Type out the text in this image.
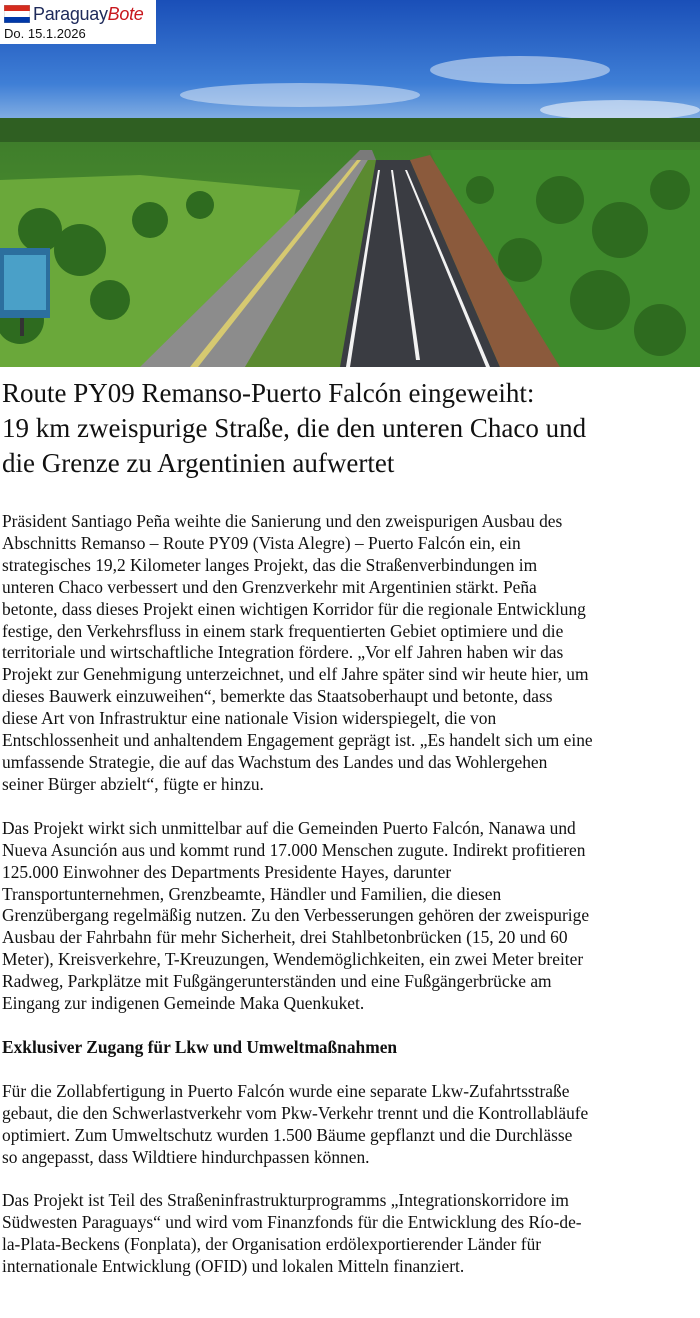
ParaguayBote
Do. 15.1.2026
Route PY09 Remanso-Puerto Falcón eingeweiht:
19 km zweispurige Straße, die den unteren Chaco und
die Grenze zu Argentinien aufwertet

Präsident Santiago Peña weihte die Sanierung und den zweispurigen Ausbau des
Abschnitts Remanso – Route PY09 (Vista Alegre) – Puerto Falcón ein, ein
strategisches 19,2 Kilometer langes Projekt, das die Straßenverbindungen im
unteren Chaco verbessert und den Grenzverkehr mit Argentinien stärkt. Peña
betonte, dass dieses Projekt einen wichtigen Korridor für die regionale Entwicklung
festige, den Verkehrsfluss in einem stark frequentierten Gebiet optimiere und die
territoriale und wirtschaftliche Integration fördere. „Vor elf Jahren haben wir das
Projekt zur Genehmigung unterzeichnet, und elf Jahre später sind wir heute hier, um
dieses Bauwerk einzuweihen“, bemerkte das Staatsoberhaupt und betonte, dass
diese Art von Infrastruktur eine nationale Vision widerspiegelt, die von
Entschlossenheit und anhaltendem Engagement geprägt ist. „Es handelt sich um eine
umfassende Strategie, die auf das Wachstum des Landes und das Wohlergehen
seiner Bürger abzielt“, fügte er hinzu.

Das Projekt wirkt sich unmittelbar auf die Gemeinden Puerto Falcón, Nanawa und
Nueva Asunción aus und kommt rund 17.000 Menschen zugute. Indirekt profitieren
125.000 Einwohner des Departments Presidente Hayes, darunter
Transportunternehmen, Grenzbeamte, Händler und Familien, die diesen
Grenzübergang regelmäßig nutzen. Zu den Verbesserungen gehören der zweispurige
Ausbau der Fahrbahn für mehr Sicherheit, drei Stahlbetonbrücken (15, 20 und 60
Meter), Kreisverkehre, T-Kreuzungen, Wendemöglichkeiten, ein zwei Meter breiter
Radweg, Parkplätze mit Fußgängerunterständen und eine Fußgängerbrücke am
Eingang zur indigenen Gemeinde Maka Quenkuket.

Exklusiver Zugang für Lkw und Umweltmaßnahmen

Für die Zollabfertigung in Puerto Falcón wurde eine separate Lkw-Zufahrtsstraße
gebaut, die den Schwerlastverkehr vom Pkw-Verkehr trennt und die Kontrollabläufe
optimiert. Zum Umweltschutz wurden 1.500 Bäume gepflanzt und die Durchlässe
so angepasst, dass Wildtiere hindurchpassen können.

Das Projekt ist Teil des Straßeninfrastrukturprogramms „Integrationskorridore im
Südwesten Paraguays“ und wird vom Finanzfonds für die Entwicklung des Río-de-
la-Plata-Beckens (Fonplata), der Organisation erdölexportierender Länder für
internationale Entwicklung (OFID) und lokalen Mitteln finanziert.
